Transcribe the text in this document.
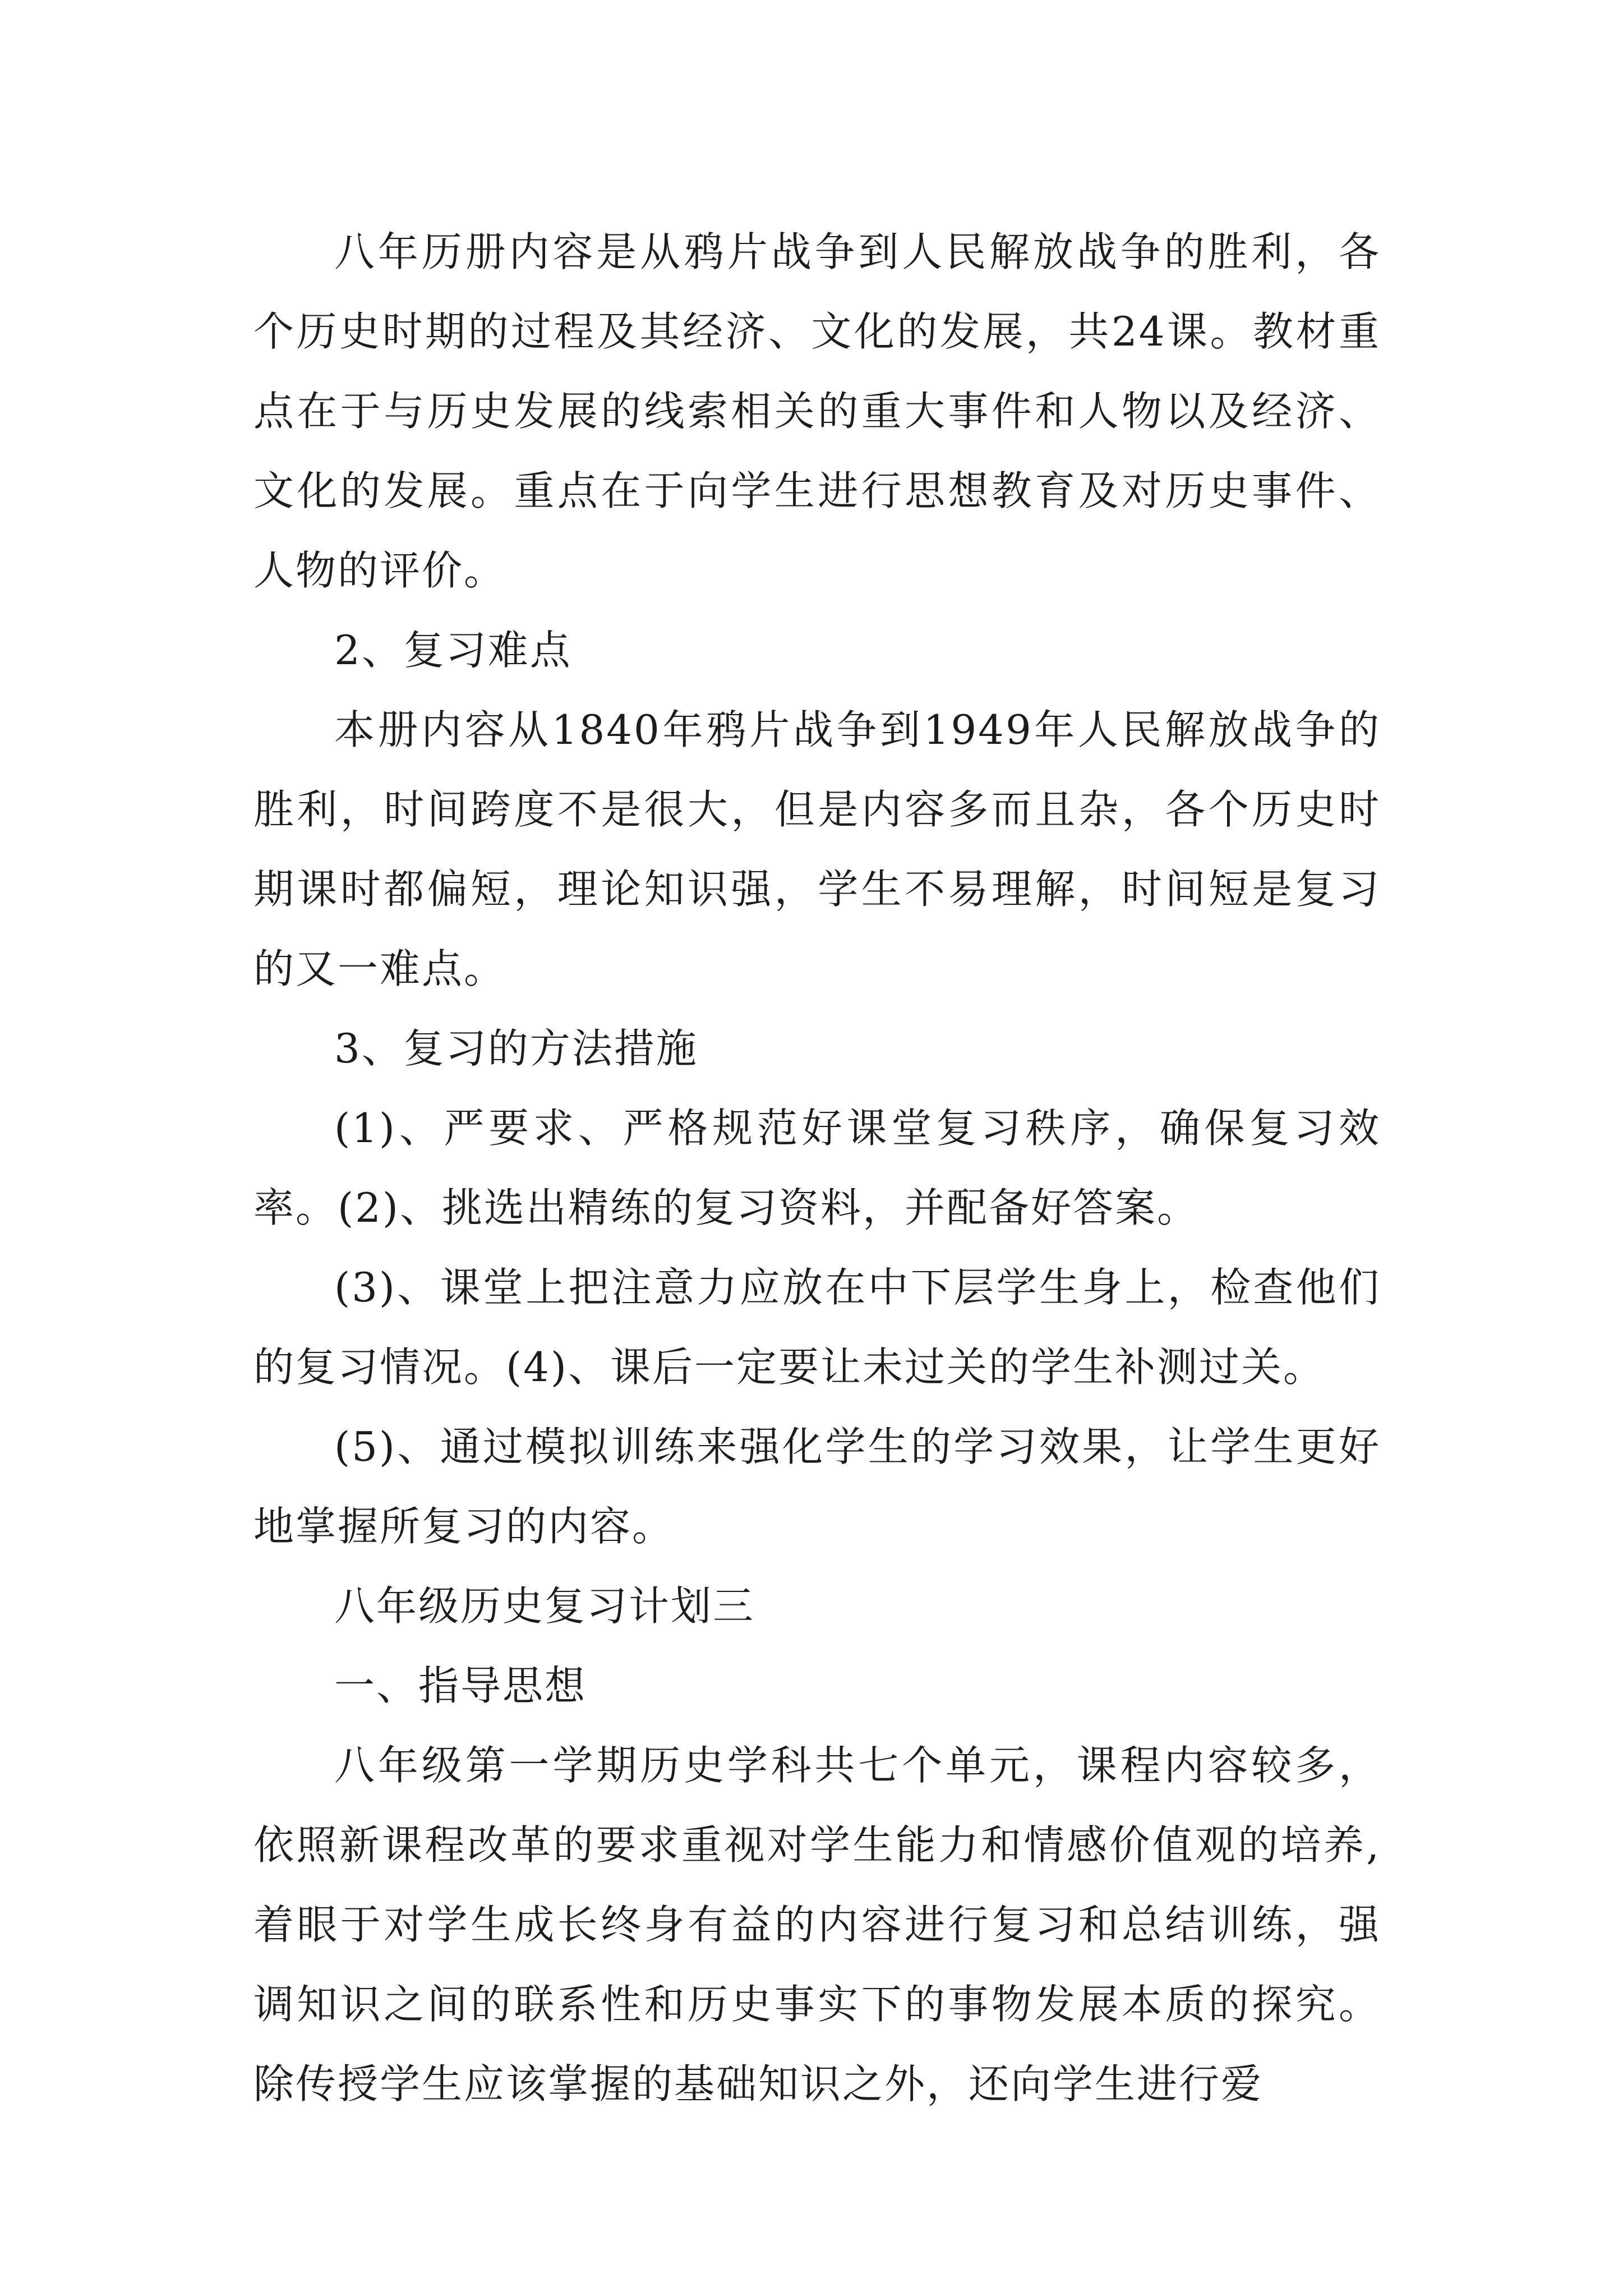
八年历册内容是从鸦片战争到人民解放战争的胜利，各个历史时期的过程及其经济、文化的发展，共24课。教材重点在于与历史发展的线索相关的重大事件和人物以及经济、文化的发展。重点在于向学生进行思想教育及对历史事件、人物的评价。

2、复习难点

本册内容从1840年鸦片战争到1949年人民解放战争的胜利，时间跨度不是很大，但是内容多而且杂，各个历史时期课时都偏短，理论知识强，学生不易理解，时间短是复习的又一难点。

3、复习的方法措施

(1)、严要求、严格规范好课堂复习秩序，确保复习效率。(2)、挑选出精练的复习资料，并配备好答案。

(3)、课堂上把注意力应放在中下层学生身上，检查他们的复习情况。(4)、课后一定要让未过关的学生补测过关。

(5)、通过模拟训练来强化学生的学习效果，让学生更好地掌握所复习的内容。

八年级历史复习计划三

一、指导思想

八年级第一学期历史学科共七个单元，课程内容较多，依照新课程改革的要求重视对学生能力和情感价值观的培养,着眼于对学生成长终身有益的内容进行复习和总结训练，强调知识之间的联系性和历史事实下的事物发展本质的探究。除传授学生应该掌握的基础知识之外，还向学生进行爱
